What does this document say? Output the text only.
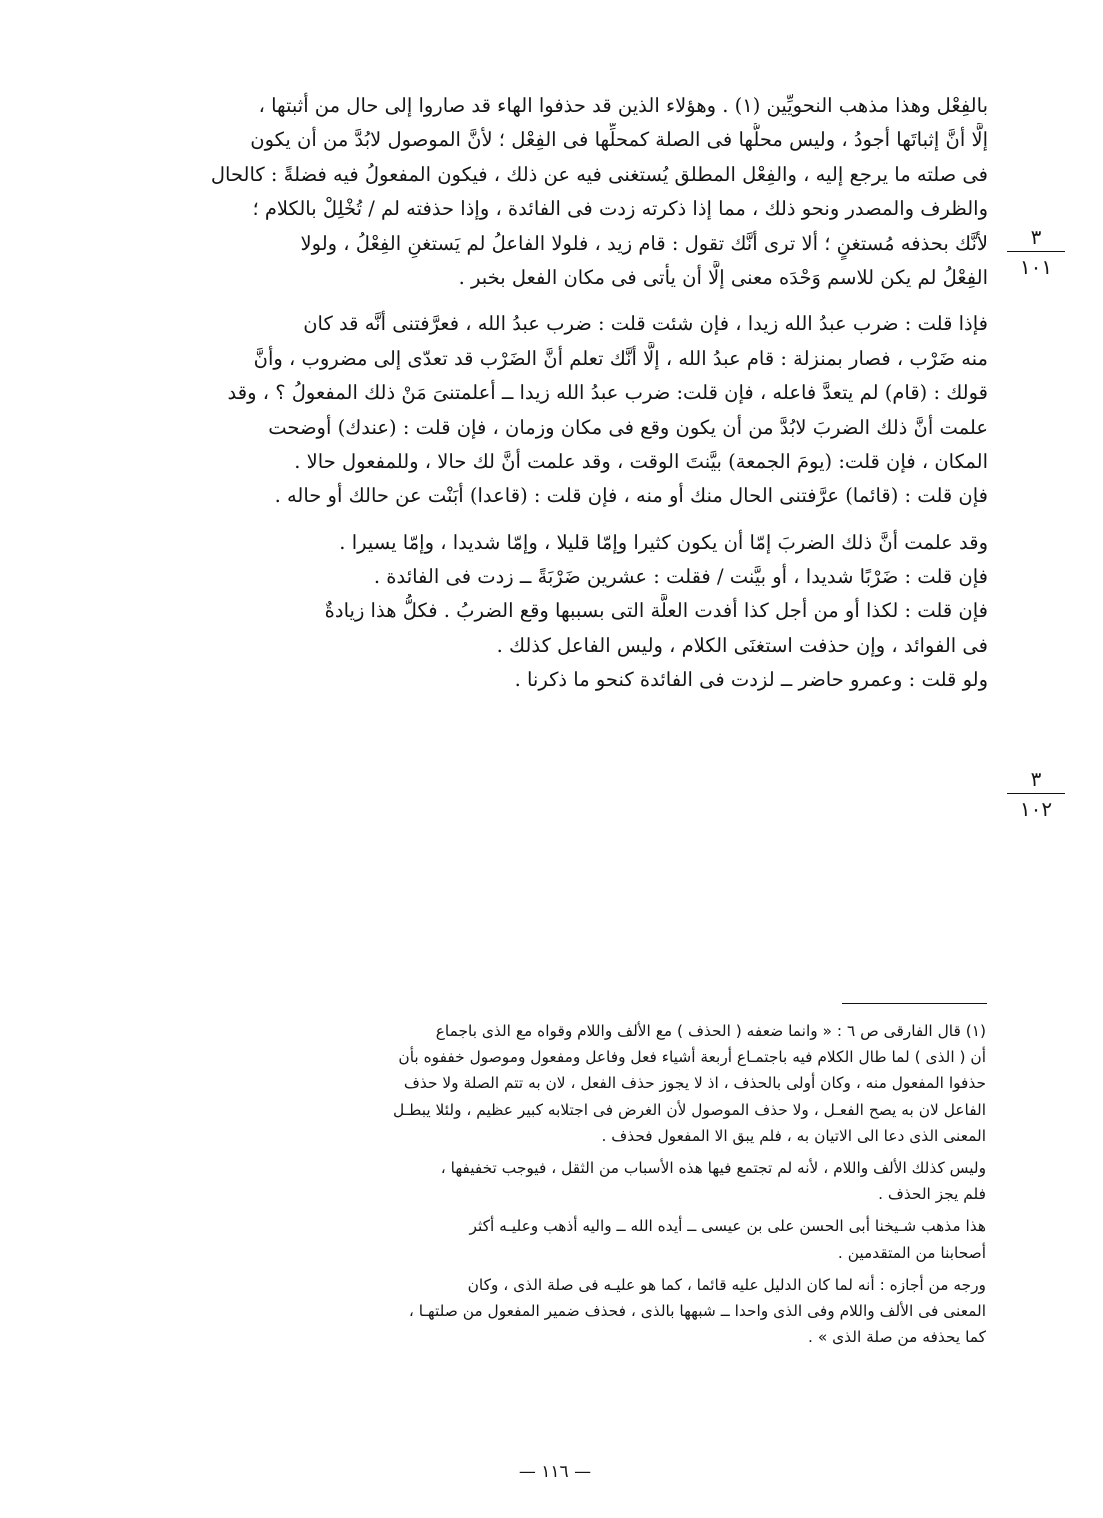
بالفِعْل وهذا مذهب النحويِّين (١) . وهؤلاء الذين قد حذفوا الهاء قد صاروا إلى حال من أثبتها ،
إلَّا أنَّ إثباتَها أجودُ ، وليس محلُّها فى الصلة كمحلِّها فى الفِعْل ؛ لأنَّ الموصول لابُدَّ من أن يكون
فى صلته ما يرجع إليه ، والفِعْل المطلق يُستغنى فيه عن ذلك ، فيكون المفعولُ فيه فضلةً : كالحال
والظرف والمصدر ونحو ذلك ، مما إذا ذكرته زدت فى الفائدة ، وإذا حذفته لم / تُخْلِلْ بالكلام ؛
لأنَّك بحذفه مُستغنٍ ؛ ألا ترى أنَّك تقول : قام زيد ، فلولا الفاعلُ لم يَستغنِ الفِعْلُ ، ولولا
الفِعْلُ لم يكن للاسم وَحْدَه معنى إلَّا أن يأتى فى مكان الفعل بخبر .
فإذا قلت : ضرب عبدُ الله زيدا ، فإن شئت قلت : ضرب عبدُ الله ، فعرَّفتنى أنَّه قد كان
منه ضَرْب ، فصار بمنزلة : قام عبدُ الله ، إلَّا أنَّك تعلم أنَّ الضَرْب قد تعدّى إلى مضروب ، وأنَّ
قولك : (قام) لم يتعدَّ فاعله ، فإن قلت: ضرب عبدُ الله زيدا ــ أعلمتنىَ مَنْ ذلك المفعولُ ؟ ، وقد
علمت أنَّ ذلك الضربَ لابُدَّ من أن يكون وقع فى مكان وزمان ، فإن قلت : (عندك) أوضحت
المكان ، فإن قلت: (يومَ الجمعة) بيَّنتَ الوقت ، وقد علمت أنَّ لك حالا ، وللمفعول حالا .
فإن قلت : (قائما) عرَّفتنى الحال منك أو منه ، فإن قلت : (قاعدا) أبَنْت عن حالك أو حاله .
وقد علمت أنَّ ذلك الضربَ إمّا أن يكون كثيرا وإمّا قليلا ، وإمّا شديدا ، وإمّا يسيرا .
فإن قلت : ضَرْبًا شديدا ، أو بيَّنت / فقلت : عشرين ضَرْبَةً ــ زدت فى الفائدة .
فإن قلت : لكذا أو من أجل كذا أفدت العلَّة التى بسببها وقع الضربُ . فكلُّ هذا زيادةٌ
فى الفوائد ، وإن حذفت استغنَى الكلام ، وليس الفاعل كذلك .
ولو قلت : وعمرو حاضر ــ لزدت فى الفائدة كنحو ما ذكرنا .
٣
١٠١
٣
١٠٢
(١) قال الفارقى ص ٦ : « وانما ضعفه ( الحذف ) مع الألف واللام وقواه مع الذى باجماع
أن ( الذى ) لما طال الكلام فيه باجتمـاع أربعة أشياء فعل وفاعل ومفعول وموصول خففوه بأن
حذفوا المفعول منه ، وكان أولى بالحذف ، اذ لا يجوز حذف الفعل ، لان به تتم الصلة ولا حذف
الفاعل لان به يصح الفعـل ، ولا حذف الموصول لأن الغرض فى اجتلابه كبير عظيم ، ولئلا يبطـل
المعنى الذى دعا الى الاتيان به ، فلم يبق الا المفعول فحذف .
وليس كذلك الألف واللام ، لأنه لم تجتمع فيها هذه الأسباب من الثقل ، فيوجب تخفيفها ،
فلم يجز الحذف .
هذا مذهب شـيخنا أبى الحسن على بن عيسى ــ أيده الله ــ واليه أذهب وعليـه أكثر
أصحابنا من المتقدمين .
ورجه من أجازه : أنه لما كان الدليل عليه قائما ، كما هو عليـه فى صلة الذى ، وكان
المعنى فى الألف واللام وفى الذى واحدا ــ شبهها بالذى ، فحذف ضمير المفعول من صلتهـا ،
كما يحذفه من صلة الذى » .
— ١١٦ —
